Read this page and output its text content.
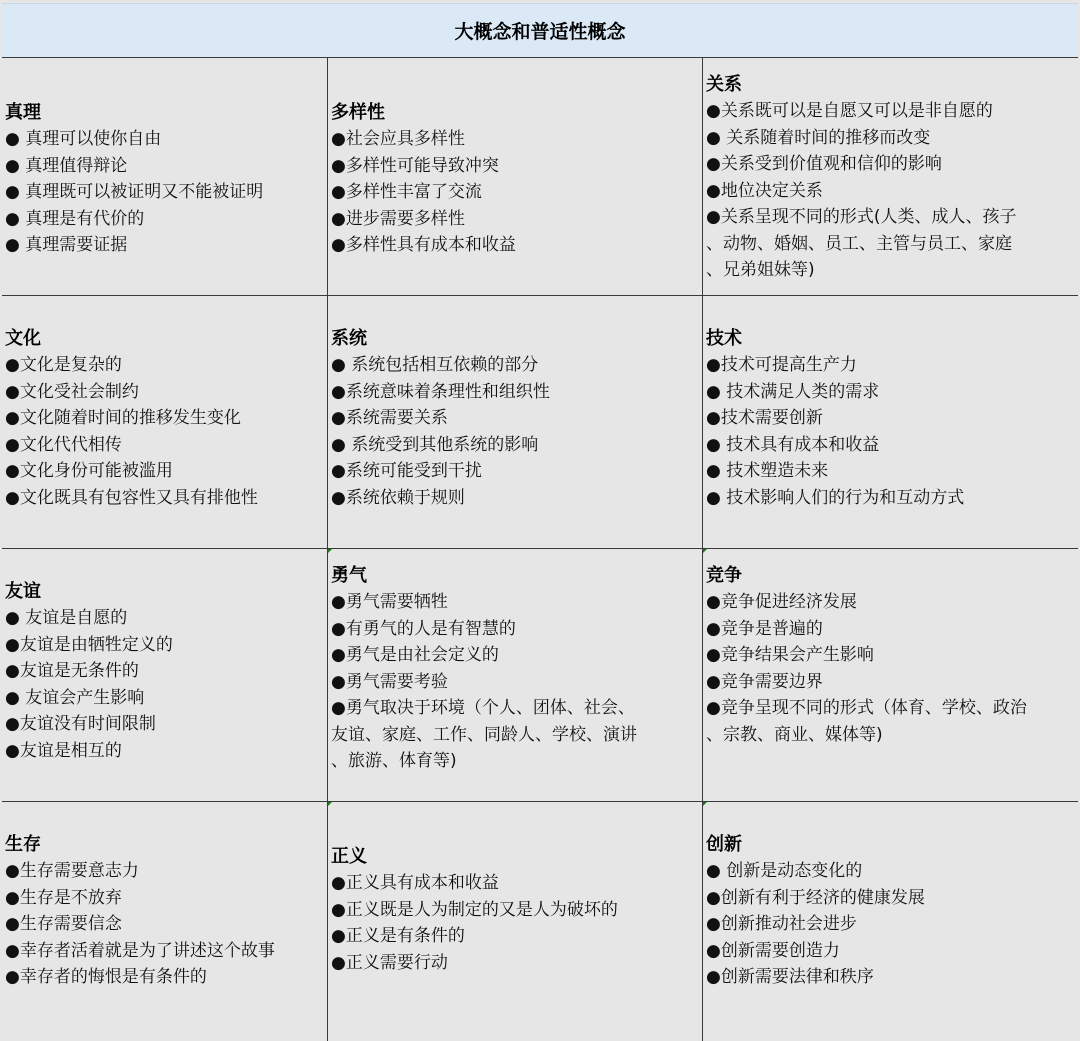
大概念和普适性概念
真理
● 真理可以使你自由
● 真理值得辩论
● 真理既可以被证明又不能被证明
● 真理是有代价的
● 真理需要证据
多样性
●社会应具多样性
●多样性可能导致冲突
●多样性丰富了交流
●进步需要多样性
●多样性具有成本和收益
关系
●关系既可以是自愿又可以是非自愿的
● 关系随着时间的推移而改变
●关系受到价值观和信仰的影响
●地位决定关系
●关系呈现不同的形式(人类、成人、孩子
、动物、婚姻、员工、主管与员工、家庭
、兄弟姐妹等)
文化
●文化是复杂的
●文化受社会制约
●文化随着时间的推移发生变化
●文化代代相传
●文化身份可能被滥用
●文化既具有包容性又具有排他性
系统
● 系统包括相互依赖的部分
●系统意味着条理性和组织性
●系统需要关系
● 系统受到其他系统的影响
●系统可能受到干扰
●系统依赖于规则
技术
●技术可提高生产力
● 技术满足人类的需求
●技术需要创新
● 技术具有成本和收益
● 技术塑造未来
● 技术影响人们的行为和互动方式
友谊
● 友谊是自愿的
●友谊是由牺牲定义的
●友谊是无条件的
● 友谊会产生影响
●友谊没有时间限制
●友谊是相互的
勇气
●勇气需要牺牲
●有勇气的人是有智慧的
●勇气是由社会定义的
●勇气需要考验
●勇气取决于环境（个人、团体、社会、
友谊、家庭、工作、同龄人、学校、演讲
、旅游、体育等)
竞争
●竞争促进经济发展
●竞争是普遍的
●竞争结果会产生影响
●竞争需要边界
●竞争呈现不同的形式（体育、学校、政治
、宗教、商业、媒体等)
生存
●生存需要意志力
●生存是不放弃
●生存需要信念
●幸存者活着就是为了讲述这个故事
●幸存者的悔恨是有条件的
正义
●正义具有成本和收益
●正义既是人为制定的又是人为破坏的
●正义是有条件的
●正义需要行动
创新
● 创新是动态变化的
●创新有利于经济的健康发展
●创新推动社会进步
●创新需要创造力
●创新需要法律和秩序
